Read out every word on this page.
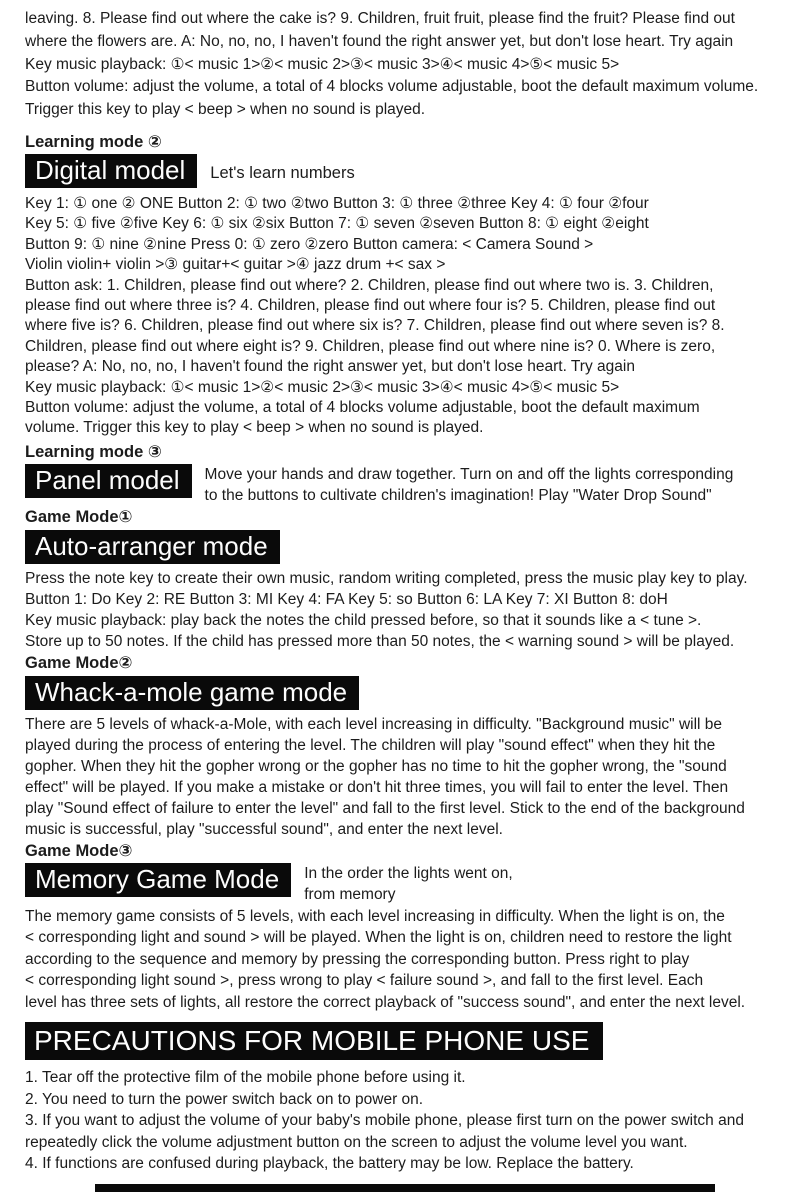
leaving. 8. Please find out where the cake is? 9. Children, fruit fruit, please find the fruit? Please find out
where the flowers are. A: No, no, no, I haven't found the right answer yet, but don't lose heart. Try again
Key music playback: ①< music 1>②< music 2>③< music 3>④< music 4>⑤< music 5>
Button volume: adjust the volume, a total of 4 blocks volume adjustable, boot the default maximum volume.
Trigger this key to play < beep > when no sound is played.
Learning mode ②
Digital model	Let's learn numbers
Key 1: ① one ② ONE Button 2: ① two ②two Button 3: ① three ②three Key 4: ① four ②four
Key 5: ① five ②five Key 6: ① six ②six Button 7: ① seven ②seven Button 8: ① eight ②eight
Button 9: ① nine ②nine Press 0: ① zero ②zero Button camera: < Camera Sound >
Violin violin+ violin >③ guitar+< guitar >④ jazz drum +< sax >
Button ask: 1. Children, please find out where? 2. Children, please find out where two is. 3. Children,
please find out where three is? 4. Children, please find out where four is? 5. Children, please find out
where five is? 6. Children, please find out where six is? 7. Children, please find out where seven is? 8.
Children, please find out where eight is? 9. Children, please find out where nine is? 0. Where is zero,
please? A: No, no, no, I haven't found the right answer yet, but don't lose heart. Try again
Key music playback: ①< music 1>②< music 2>③< music 3>④< music 4>⑤< music 5>
Button volume: adjust the volume, a total of 4 blocks volume adjustable, boot the default maximum
volume. Trigger this key to play < beep > when no sound is played.
Learning mode ③
Panel model	Move your hands and draw together. Turn on and off the lights corresponding
to the buttons to cultivate children's imagination! Play "Water Drop Sound"
Game Mode①
Auto-arranger mode
Press the note key to create their own music, random writing completed, press the music play key to play.
Button 1: Do Key 2: RE Button 3: MI Key 4: FA Key 5: so Button 6: LA Key 7: XI Button 8: doH
Key music playback: play back the notes the child pressed before, so that it sounds like a < tune >.
Store up to 50 notes. If the child has pressed more than 50 notes, the < warning sound > will be played.
Game Mode②
Whack-a-mole game mode
There are 5 levels of whack-a-Mole, with each level increasing in difficulty. "Background music" will be
played during the process of entering the level. The children will play "sound effect" when they hit the
gopher. When they hit the gopher wrong or the gopher has no time to hit the gopher wrong, the "sound
effect" will be played. If you make a mistake or don't hit three times, you will fail to enter the level. Then
play "Sound effect of failure to enter the level" and fall to the first level. Stick to the end of the background
music is successful, play "successful sound", and enter the next level.
Game Mode③
Memory Game Mode	In the order the lights went on,
from memory
The memory game consists of 5 levels, with each level increasing in difficulty. When the light is on, the
< corresponding light and sound > will be played. When the light is on, children need to restore the light
according to the sequence and memory by pressing the corresponding button. Press right to play
< corresponding light sound >, press wrong to play < failure sound >, and fall to the first level. Each
level has three sets of lights, all restore the correct playback of "success sound", and enter the next level.
PRECAUTIONS FOR MOBILE PHONE USE
1. Tear off the protective film of the mobile phone before using it.
2. You need to turn the power switch back on to power on.
3. If you want to adjust the volume of your baby's mobile phone, please first turn on the power switch and
repeatedly click the volume adjustment button on the screen to adjust the volume level you want.
4. If functions are confused during playback, the battery may be low. Replace the battery.
